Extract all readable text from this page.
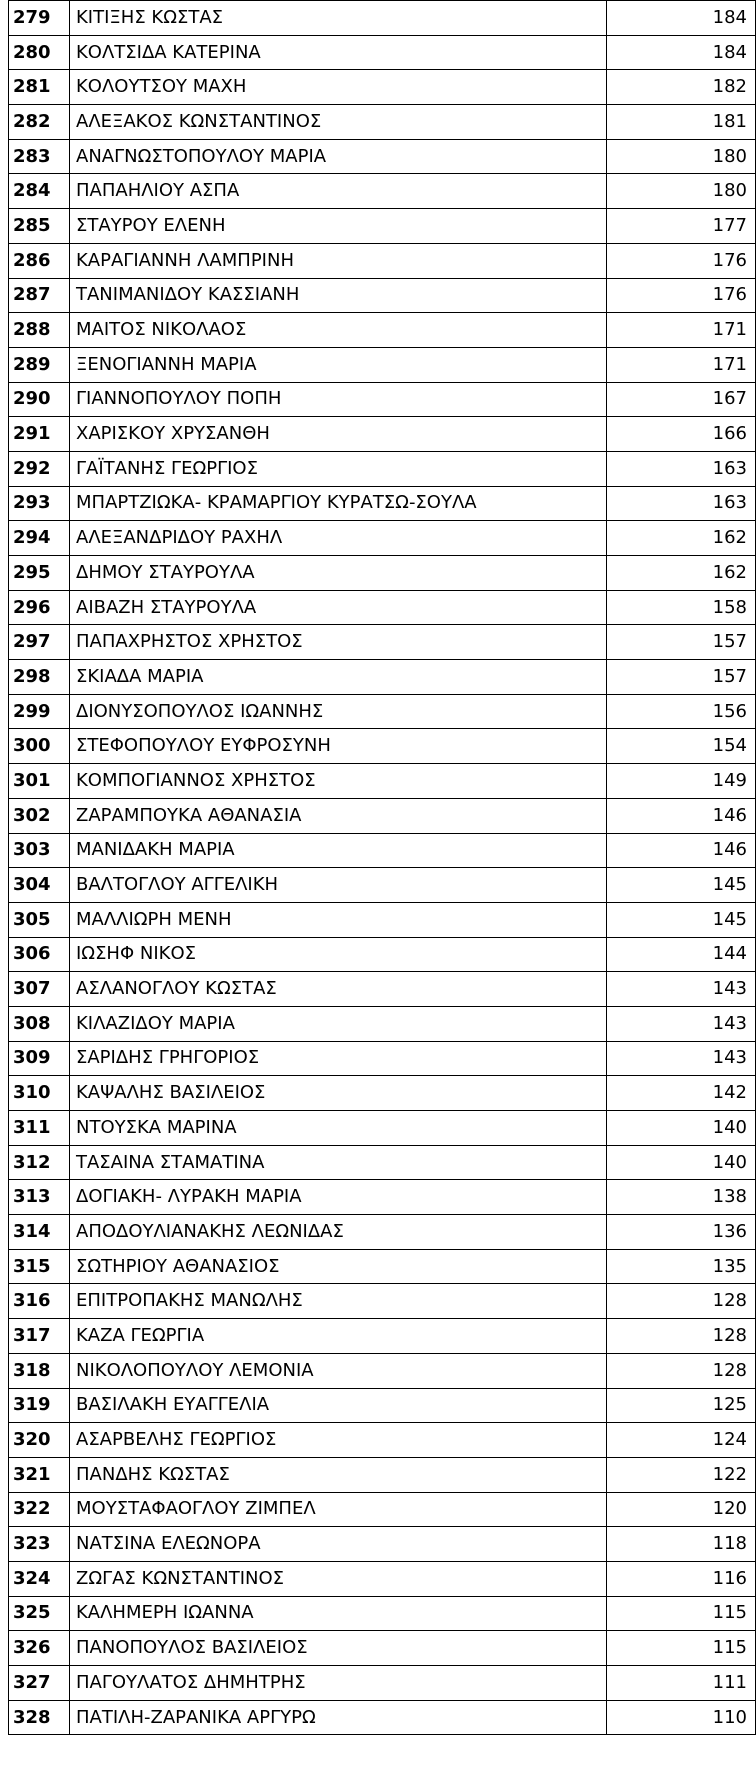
279	ΚΙΤΙΞΗΣ ΚΩΣΤΑΣ	184
280	ΚΟΛΤΣΙΔΑ ΚΑΤΕΡΙΝΑ	184
281	ΚΟΛΟΥΤΣΟΥ ΜΑΧΗ	182
282	ΑΛΕΞΑΚΟΣ ΚΩΝΣΤΑΝΤΙΝΟΣ	181
283	ΑΝΑΓΝΩΣΤΟΠΟΥΛΟΥ ΜΑΡΙΑ	180
284	ΠΑΠΑΗΛΙΟΥ ΑΣΠΑ	180
285	ΣΤΑΥΡΟΥ ΕΛΕΝΗ	177
286	ΚΑΡΑΓΙΑΝΝΗ ΛΑΜΠΡΙΝΗ	176
287	ΤΑΝΙΜΑΝΙΔΟΥ ΚΑΣΣΙΑΝΗ	176
288	ΜΑΙΤΟΣ ΝΙΚΟΛΑΟΣ	171
289	ΞΕΝΟΓΙΑΝΝΗ ΜΑΡΙΑ	171
290	ΓΙΑΝΝΟΠΟΥΛΟΥ ΠΟΠΗ	167
291	ΧΑΡΙΣΚΟΥ ΧΡΥΣΑΝΘΗ	166
292	ΓΑΪΤΑΝΗΣ ΓΕΩΡΓΙΟΣ	163
293	ΜΠΑΡΤΖΙΩΚΑ- ΚΡΑΜΑΡΓΙΟΥ ΚΥΡΑΤΣΩ-ΣΟΥΛΑ	163
294	ΑΛΕΞΑΝΔΡΙΔΟΥ ΡΑΧΗΛ	162
295	ΔΗΜΟΥ ΣΤΑΥΡΟΥΛΑ	162
296	ΑΙΒΑΖΗ ΣΤΑΥΡΟΥΛΑ	158
297	ΠΑΠΑΧΡΗΣΤΟΣ ΧΡΗΣΤΟΣ	157
298	ΣΚΙΑΔΑ ΜΑΡΙΑ	157
299	ΔΙΟΝΥΣΟΠΟΥΛΟΣ ΙΩΑΝΝΗΣ	156
300	ΣΤΕΦΟΠΟΥΛΟΥ ΕΥΦΡΟΣΥΝΗ	154
301	ΚΟΜΠΟΓΙΑΝΝΟΣ ΧΡΗΣΤΟΣ	149
302	ΖΑΡΑΜΠΟΥΚΑ ΑΘΑΝΑΣΙΑ	146
303	ΜΑΝΙΔΑΚΗ ΜΑΡΙΑ	146
304	ΒΑΛΤΟΓΛΟΥ ΑΓΓΕΛΙΚΗ	145
305	ΜΑΛΛΙΩΡΗ ΜΕΝΗ	145
306	ΙΩΣΗΦ ΝΙΚΟΣ	144
307	ΑΣΛΑΝΟΓΛΟΥ ΚΩΣΤΑΣ	143
308	ΚΙΛΑΖΙΔΟΥ ΜΑΡΙΑ	143
309	ΣΑΡΙΔΗΣ ΓΡΗΓΟΡΙΟΣ	143
310	ΚΑΨΑΛΗΣ ΒΑΣΙΛΕΙΟΣ	142
311	ΝΤΟΥΣΚΑ ΜΑΡΙΝΑ	140
312	ΤΑΣΑΙΝΑ ΣΤΑΜΑΤΙΝΑ	140
313	ΔΟΓΙΑΚΗ- ΛΥΡΑΚΗ ΜΑΡΙΑ	138
314	ΑΠΟΔΟΥΛΙΑΝΑΚΗΣ ΛΕΩΝΙΔΑΣ	136
315	ΣΩΤΗΡΙΟΥ ΑΘΑΝΑΣΙΟΣ	135
316	ΕΠΙΤΡΟΠΑΚΗΣ ΜΑΝΩΛΗΣ	128
317	ΚΑΖΑ ΓΕΩΡΓΙΑ	128
318	ΝΙΚΟΛΟΠΟΥΛΟΥ ΛΕΜΟΝΙΑ	128
319	ΒΑΣΙΛΑΚΗ ΕΥΑΓΓΕΛΙΑ	125
320	ΑΣΑΡΒΕΛΗΣ ΓΕΩΡΓΙΟΣ	124
321	ΠΑΝΔΗΣ ΚΩΣΤΑΣ	122
322	ΜΟΥΣΤΑΦΑΟΓΛΟΥ ΖΙΜΠΕΛ	120
323	ΝΑΤΣΙΝΑ ΕΛΕΩΝΟΡΑ	118
324	ΖΩΓΑΣ ΚΩΝΣΤΑΝΤΙΝΟΣ	116
325	ΚΑΛΗΜΕΡΗ ΙΩΑΝΝΑ	115
326	ΠΑΝΟΠΟΥΛΟΣ ΒΑΣΙΛΕΙΟΣ	115
327	ΠΑΓΟΥΛΑΤΟΣ ΔΗΜΗΤΡΗΣ	111
328	ΠΑΤΙΛΗ-ΖΑΡΑΝΙΚΑ ΑΡΓΥΡΩ	110
